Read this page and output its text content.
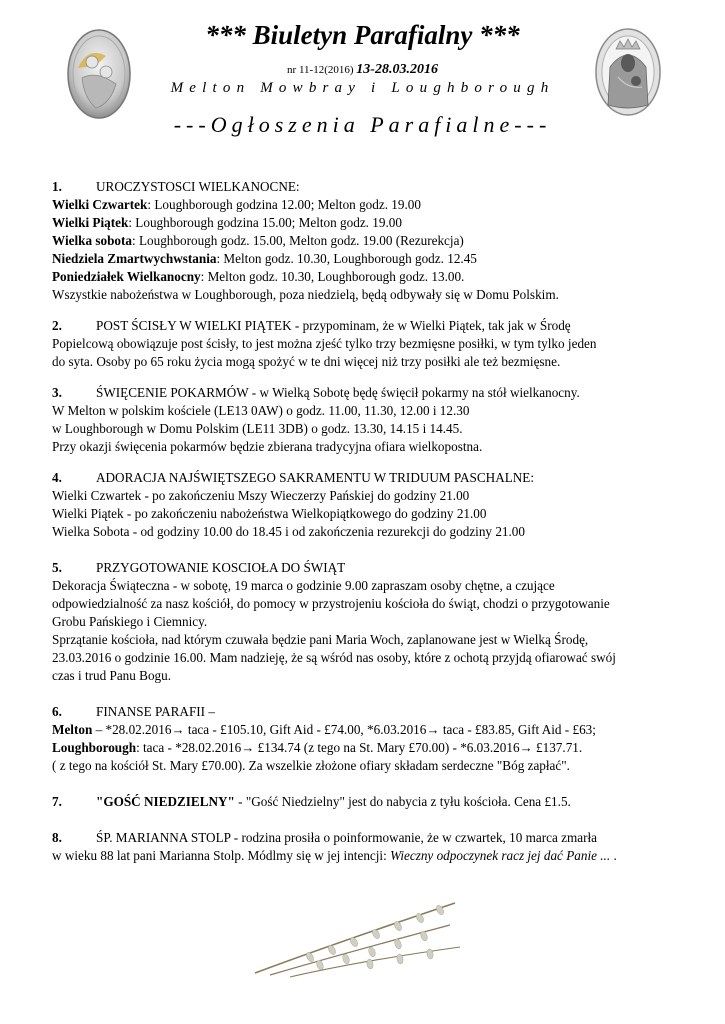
*** Biuletyn Parafialny ***
nr 11-12(2016) 13-28.03.2016
Melton Mowbray i Loughborough
---Ogłoszenia Parafialne---

1.	UROCZYSTOSCI WIELKANOCNE:

Wielki Czwartek: Loughborough godzina 12.00; Melton godz. 19.00

Wielki Piątek: Loughborough godzina 15.00; Melton godz. 19.00

Wielka sobota: Loughborough godz. 15.00, Melton godz. 19.00 (Rezurekcja)

Niedziela Zmartwychwstania: Melton godz. 10.30, Loughborough godz. 12.45

Poniedziałek Wielkanocny: Melton godz. 10.30, Loughborough godz. 13.00.

Wszystkie nabożeństwa w Loughborough, poza niedzielą, będą odbywały się w Domu Polskim.

2.	POST ŚCISŁY W WIELKI PIĄTEK - przypominam, że w Wielki Piątek, tak jak w Środę

Popielcową obowiązuje post ścisły, to jest można zjeść tylko trzy bezmięsne posiłki, w tym tylko jeden

do syta. Osoby po 65 roku życia mogą spożyć w te dni więcej niż trzy posiłki ale też bezmięsne.

3.	ŚWIĘCENIE POKARMÓW - w Wielką Sobotę będę święcił pokarmy na stół wielkanocny.

W Melton w polskim kościele (LE13 0AW) o godz. 11.00, 11.30, 12.00 i 12.30

w Loughborough w Domu Polskim (LE11 3DB) o godz. 13.30, 14.15 i 14.45.

Przy okazji święcenia pokarmów będzie zbierana tradycyjna ofiara wielkopostna.

4.	ADORACJA NAJŚWIĘTSZEGO SAKRAMENTU W TRIDUUM PASCHALNE:

Wielki Czwartek - po zakończeniu Mszy Wieczerzy Pańskiej do godziny 21.00

Wielki Piątek - po zakończeniu nabożeństwa Wielkopiątkowego do godziny 21.00

Wielka Sobota - od godziny 10.00 do 18.45 i od zakończenia rezurekcji do godziny 21.00

5.	PRZYGOTOWANIE KOSCIOŁA DO ŚWIĄT

Dekoracja Świąteczna - w sobotę, 19 marca o godzinie 9.00 zapraszam osoby chętne, a czujące

odpowiedzialność za nasz kościół, do pomocy w przystrojeniu kościoła do świąt, chodzi o przygotowanie

Grobu Pańskiego i Ciemnicy.

Sprzątanie kościoła, nad którym czuwała będzie pani Maria Woch, zaplanowane jest w Wielką Środę,

23.03.2016 o godzinie 16.00. Mam nadzieję, że są wśród nas osoby, które z ochotą przyjdą ofiarować swój

czas i trud Panu Bogu.

6.	FINANSE PARAFII –

Melton – *28.02.2016→ taca - £105.10, Gift Aid - £74.00, *6.03.2016→ taca - £83.85, Gift Aid - £63;

Loughborough: taca - *28.02.2016→ £134.74 (z tego na St. Mary £70.00) - *6.03.2016→ £137.71.

( z tego na kościół St. Mary £70.00). Za wszelkie złożone ofiary składam serdeczne "Bóg zapłać".

7.	"GOŚĆ NIEDZIELNY" - "Gość Niedzielny" jest do nabycia z tyłu kościoła. Cena £1.5.

8.	ŚP. MARIANNA STOLP - rodzina prosiła o poinformowanie, że w czwartek, 10 marca zmarła

w wieku 88 lat pani Marianna Stolp. Módlmy się w jej intencji: Wieczny odpoczynek racz jej dać Panie ... .
